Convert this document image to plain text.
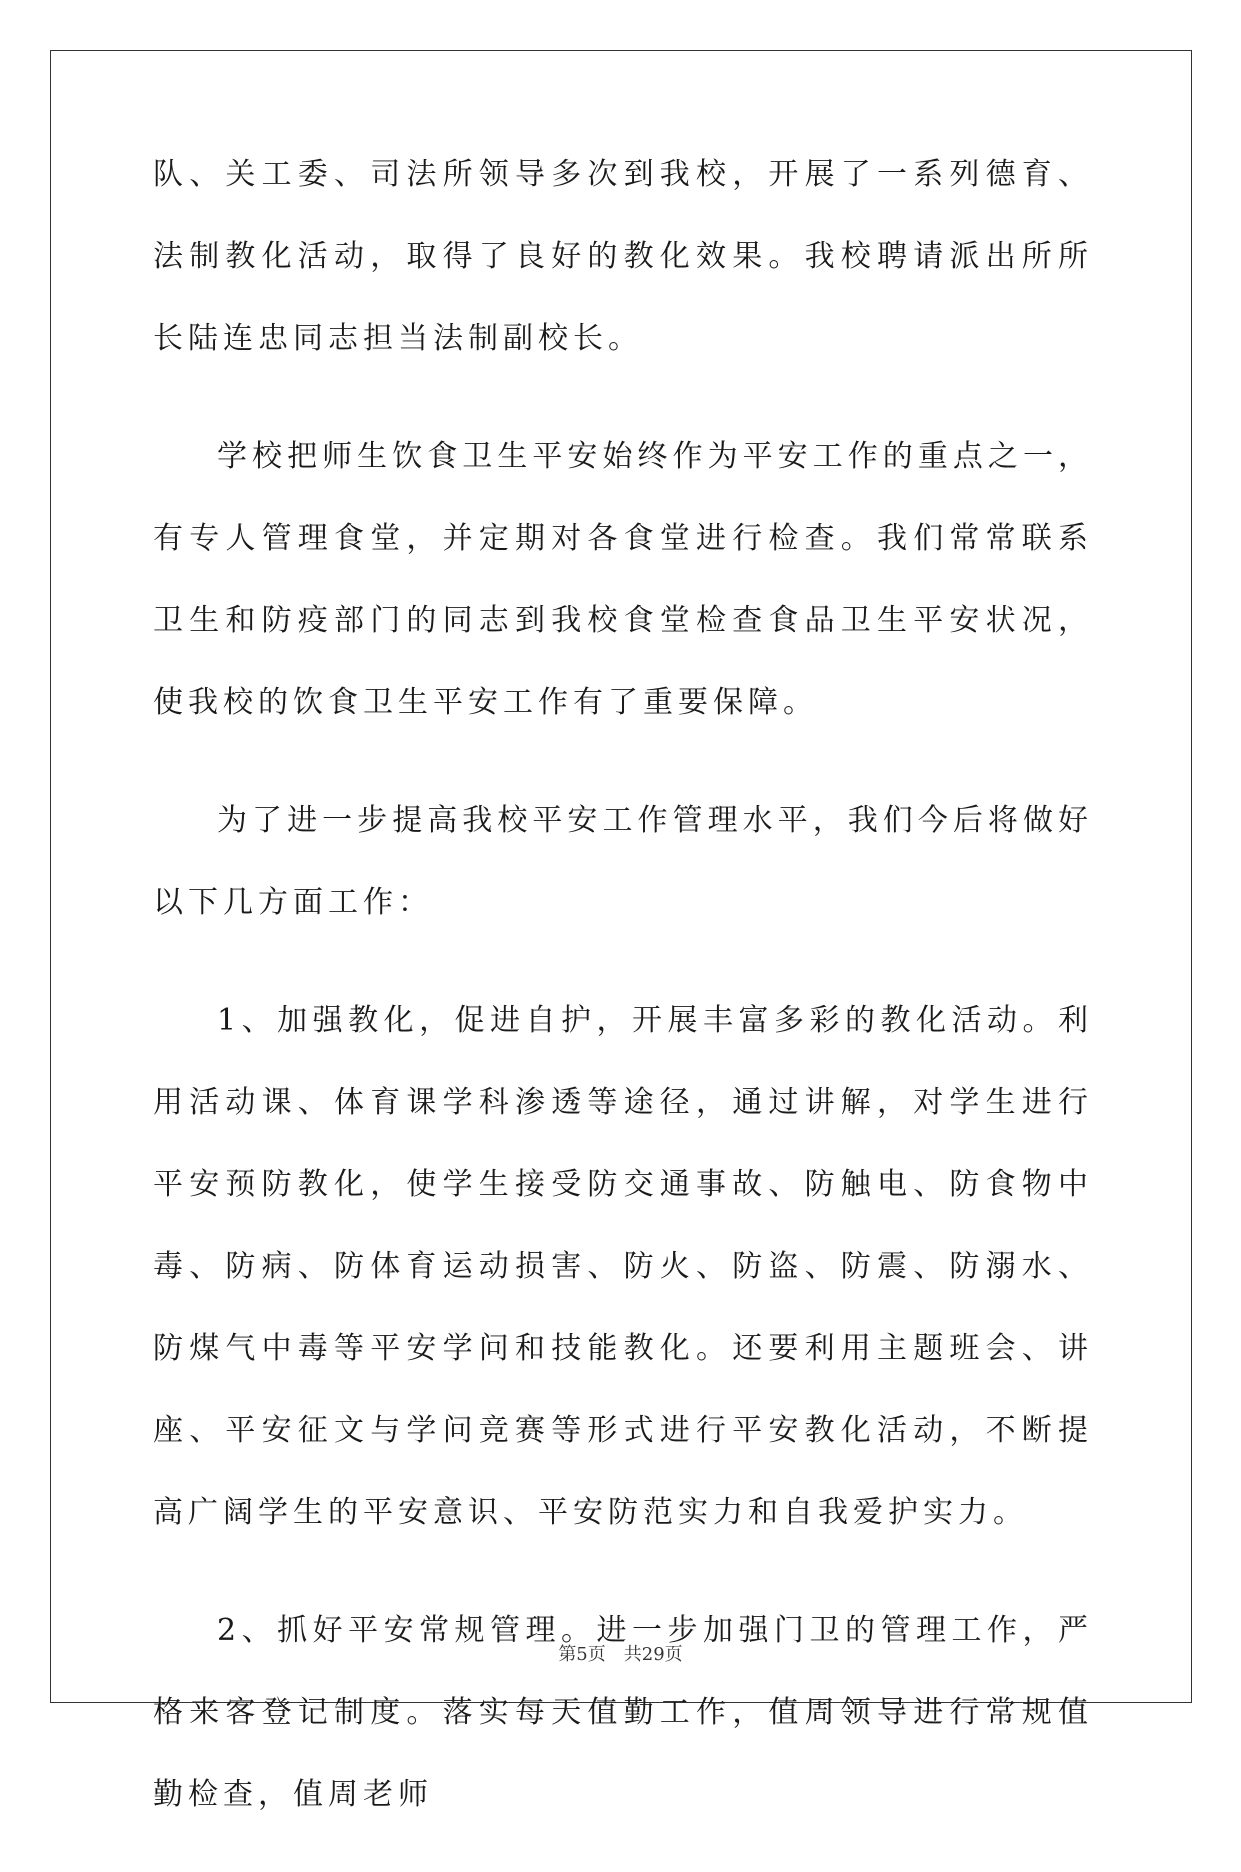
队、关工委、司法所领导多次到我校，开展了一系列德育、法制教化活动，取得了良好的教化效果。我校聘请派出所所长陆连忠同志担当法制副校长。

学校把师生饮食卫生平安始终作为平安工作的重点之一，有专人管理食堂，并定期对各食堂进行检查。我们常常联系卫生和防疫部门的同志到我校食堂检查食品卫生平安状况，使我校的饮食卫生平安工作有了重要保障。

为了进一步提高我校平安工作管理水平，我们今后将做好以下几方面工作：

1、加强教化，促进自护，开展丰富多彩的教化活动。利用活动课、体育课学科渗透等途径，通过讲解，对学生进行平安预防教化，使学生接受防交通事故、防触电、防食物中毒、防病、防体育运动损害、防火、防盗、防震、防溺水、防煤气中毒等平安学问和技能教化。还要利用主题班会、讲座、平安征文与学问竞赛等形式进行平安教化活动，不断提高广阔学生的平安意识、平安防范实力和自我爱护实力。

2、抓好平安常规管理。进一步加强门卫的管理工作，严格来客登记制度。落实每天值勤工作，值周领导进行常规值勤检查，值周老师

第5页 共29页
